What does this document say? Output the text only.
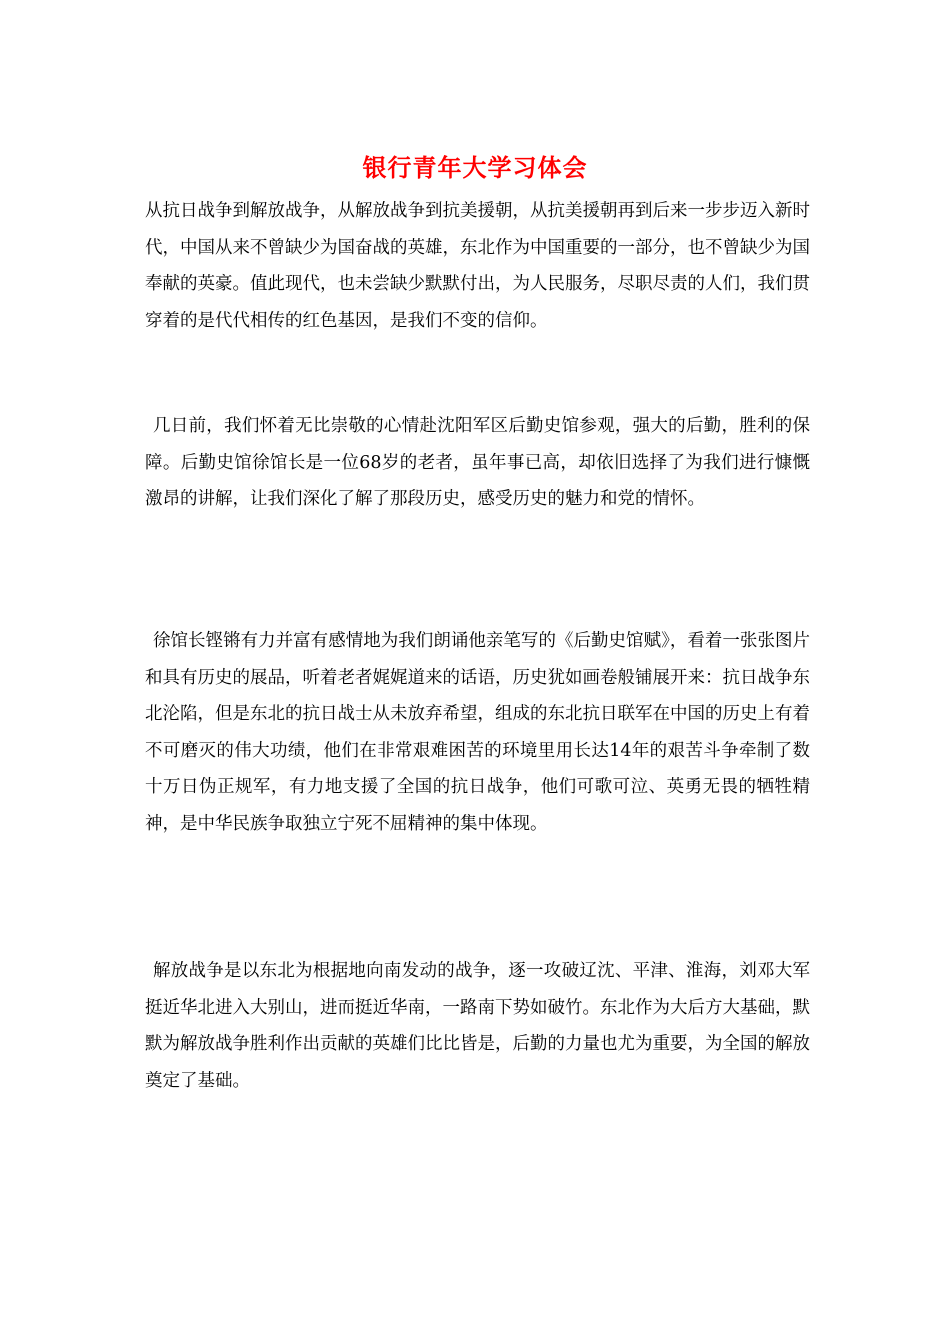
银行青年大学习体会

从抗日战争到解放战争，从解放战争到抗美援朝，从抗美援朝再到后来一步步迈入新时代，中国从来不曾缺少为国奋战的英雄，东北作为中国重要的一部分，也不曾缺少为国奉献的英豪。值此现代，也未尝缺少默默付出，为人民服务，尽职尽责的人们，我们贯穿着的是代代相传的红色基因，是我们不变的信仰。

几日前，我们怀着无比崇敬的心情赴沈阳军区后勤史馆参观，强大的后勤，胜利的保障。后勤史馆徐馆长是一位68岁的老者，虽年事已高，却依旧选择了为我们进行慷慨激昂的讲解，让我们深化了解了那段历史，感受历史的魅力和党的情怀。

徐馆长铿锵有力并富有感情地为我们朗诵他亲笔写的《后勤史馆赋》，看着一张张图片和具有历史的展品，听着老者娓娓道来的话语，历史犹如画卷般铺展开来：抗日战争东北沦陷，但是东北的抗日战士从未放弃希望，组成的东北抗日联军在中国的历史上有着不可磨灭的伟大功绩，他们在非常艰难困苦的环境里用长达14年的艰苦斗争牵制了数十万日伪正规军，有力地支援了全国的抗日战争，他们可歌可泣、英勇无畏的牺牲精神，是中华民族争取独立宁死不屈精神的集中体现。

解放战争是以东北为根据地向南发动的战争，逐一攻破辽沈、平津、淮海，刘邓大军挺近华北进入大别山，进而挺近华南，一路南下势如破竹。东北作为大后方大基础，默默为解放战争胜利作出贡献的英雄们比比皆是，后勤的力量也尤为重要，为全国的解放奠定了基础。
